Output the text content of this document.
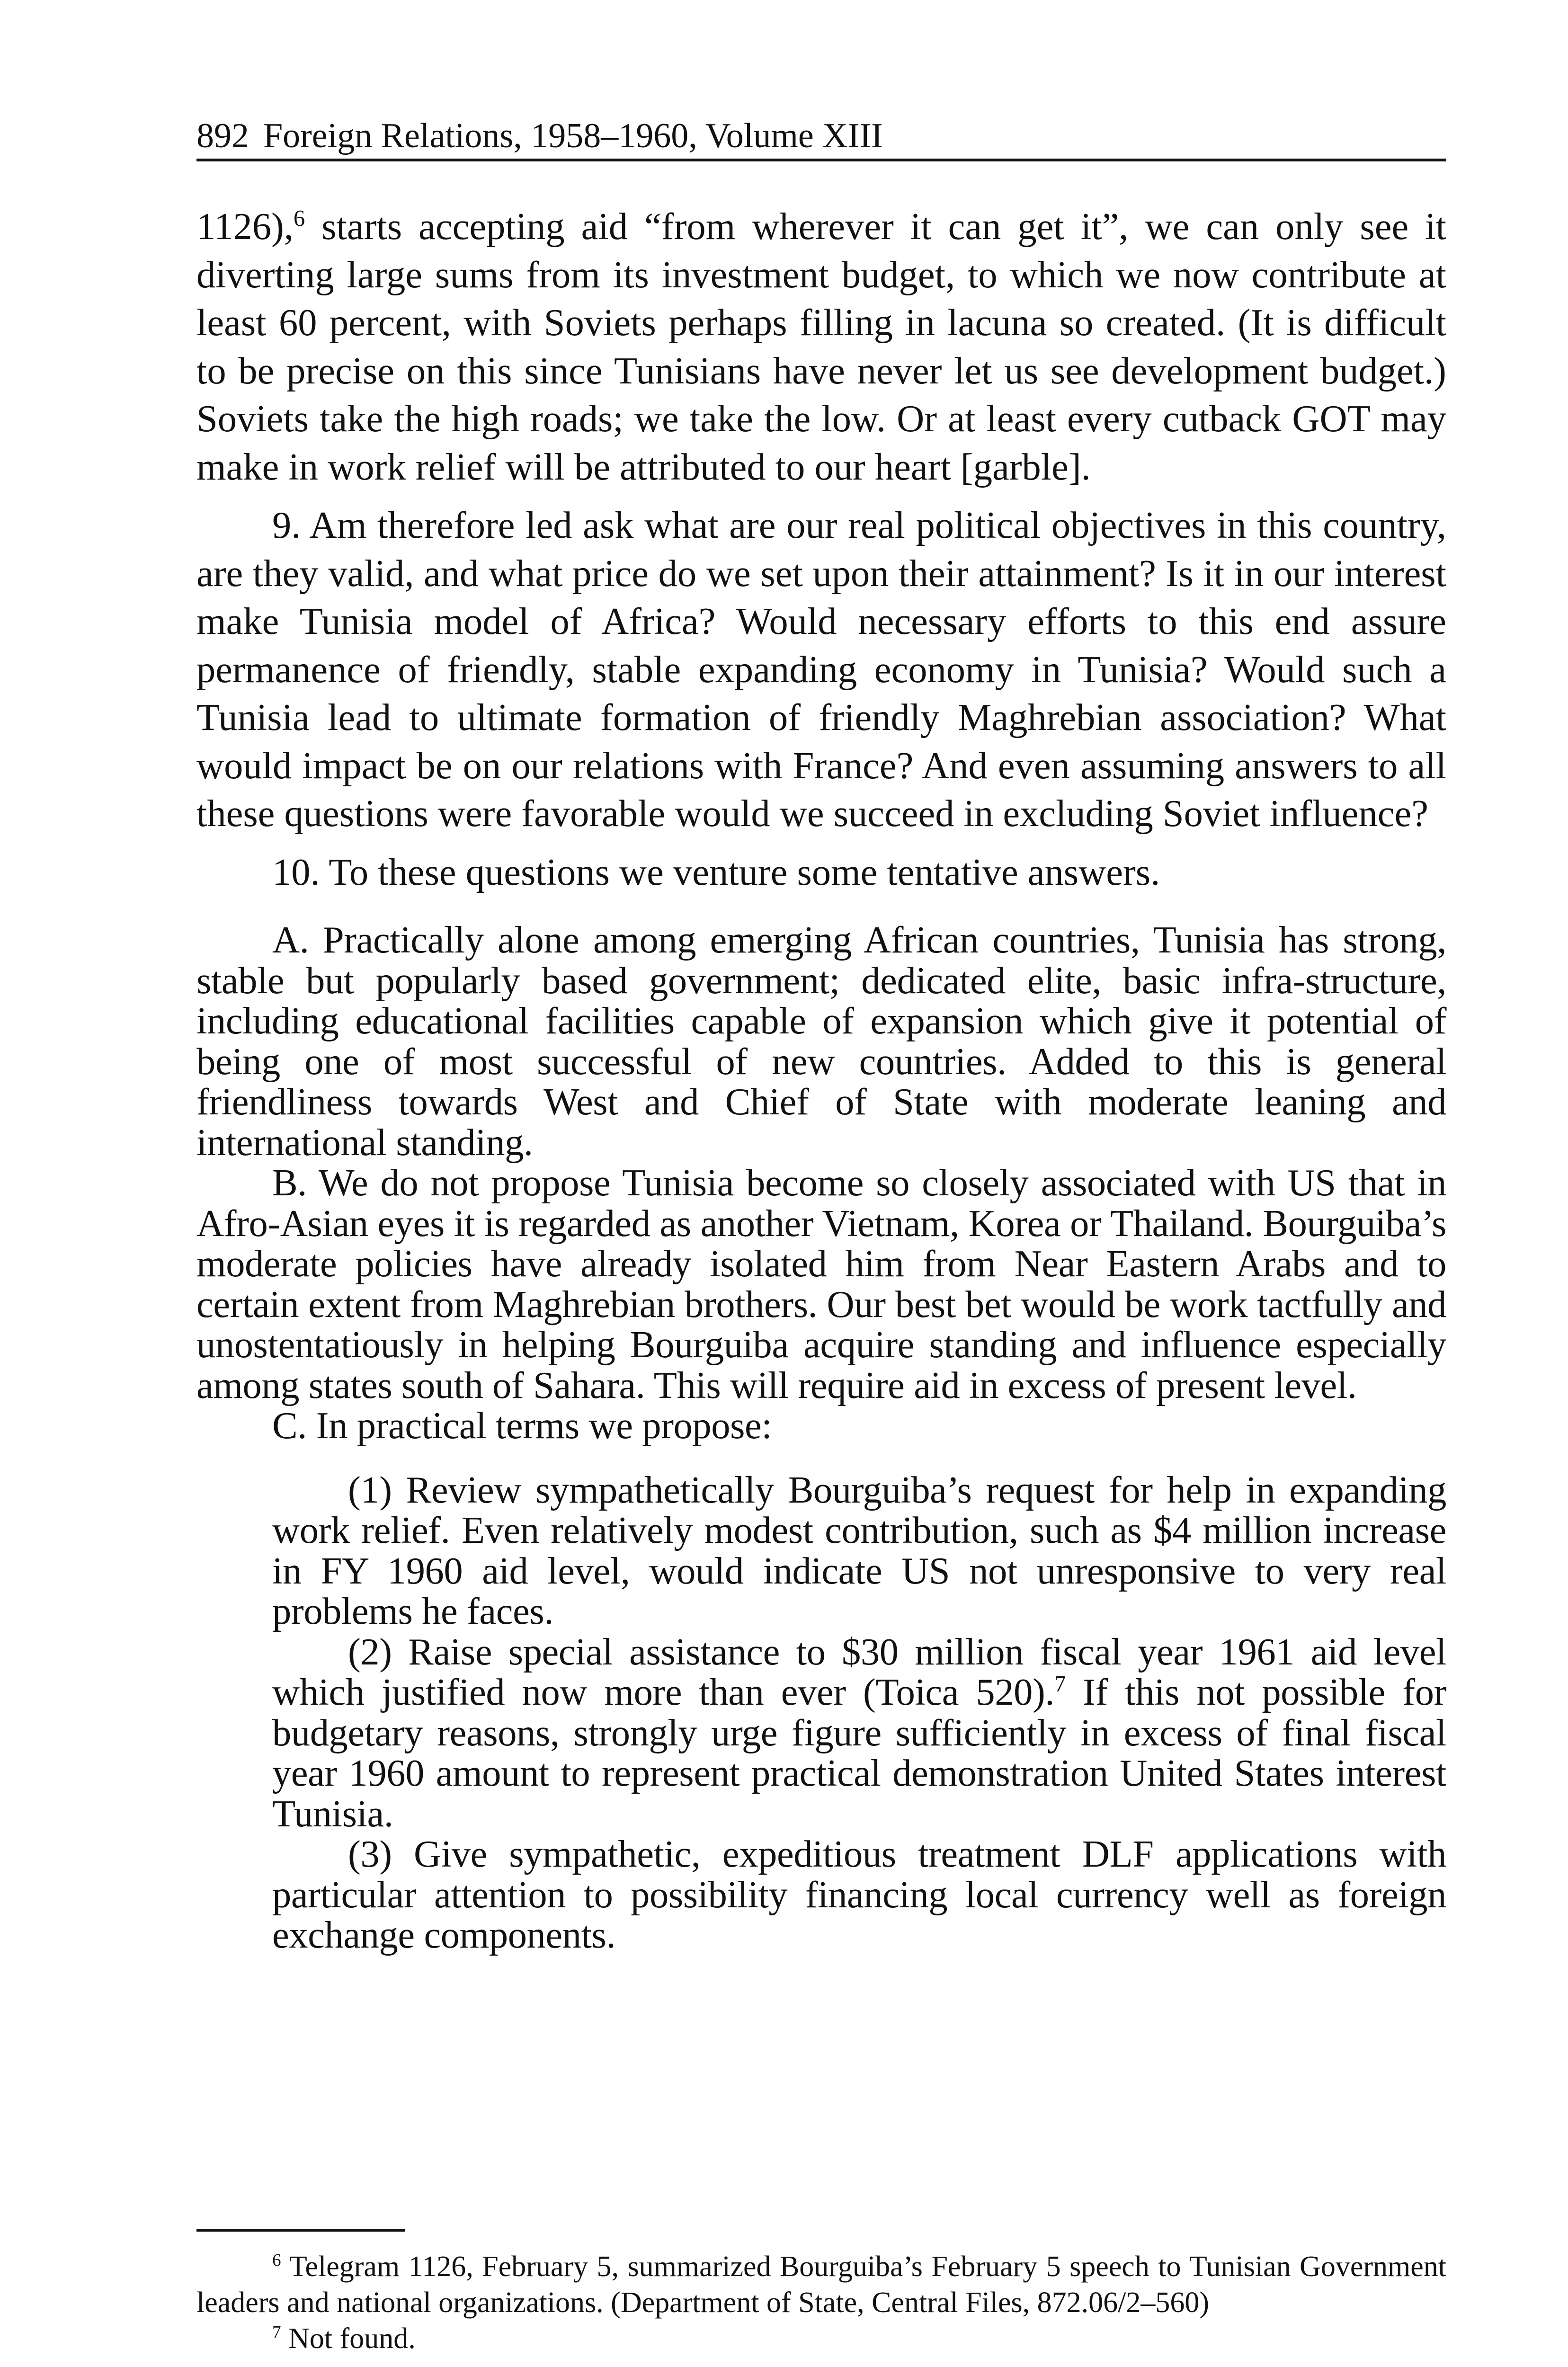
892 Foreign Relations, 1958–1960, Volume XIII

1126),$^6$ starts accepting aid “from wherever it can get it”, we can only see it diverting large sums from its investment budget, to which we now contribute at least 60 percent, with Soviets perhaps filling in lacuna so created. (It is difficult to be precise on this since Tunisians have never let us see development budget.) Soviets take the high roads; we take the low. Or at least every cutback GOT may make in work relief will be attributed to our heart [garble].

9. Am therefore led ask what are our real political objectives in this country, are they valid, and what price do we set upon their attainment? Is it in our interest make Tunisia model of Africa? Would necessary efforts to this end assure permanence of friendly, stable expanding economy in Tunisia? Would such a Tunisia lead to ultimate formation of friendly Maghrebian association? What would impact be on our relations with France? And even assuming answers to all these questions were favorable would we succeed in excluding Soviet influence?

10. To these questions we venture some tentative answers.

A. Practically alone among emerging African countries, Tunisia has strong, stable but popularly based government; dedicated elite, basic infra-structure, including educational facilities capable of expansion which give it potential of being one of most successful of new countries. Added to this is general friendliness towards West and Chief of State with moderate leaning and international standing.

B. We do not propose Tunisia become so closely associated with US that in Afro-Asian eyes it is regarded as another Vietnam, Korea or Thailand. Bourguiba’s moderate policies have already isolated him from Near Eastern Arabs and to certain extent from Maghrebian brothers. Our best bet would be work tactfully and unostentatiously in helping Bourguiba acquire standing and influence especially among states south of Sahara. This will require aid in excess of present level.

C. In practical terms we propose:

(1) Review sympathetically Bourguiba’s request for help in expanding work relief. Even relatively modest contribution, such as $4 million increase in FY 1960 aid level, would indicate US not unresponsive to very real problems he faces.

(2) Raise special assistance to $30 million fiscal year 1961 aid level which justified now more than ever (Toica 520).$^7$ If this not possible for budgetary reasons, strongly urge figure sufficiently in excess of final fiscal year 1960 amount to represent practical demonstration United States interest Tunisia.

(3) Give sympathetic, expeditious treatment DLF applications with particular attention to possibility financing local currency well as foreign exchange components.

$^6$ Telegram 1126, February 5, summarized Bourguiba’s February 5 speech to Tunisian Government leaders and national organizations. (Department of State, Central Files, 872.06/2–560)

$^7$ Not found.
